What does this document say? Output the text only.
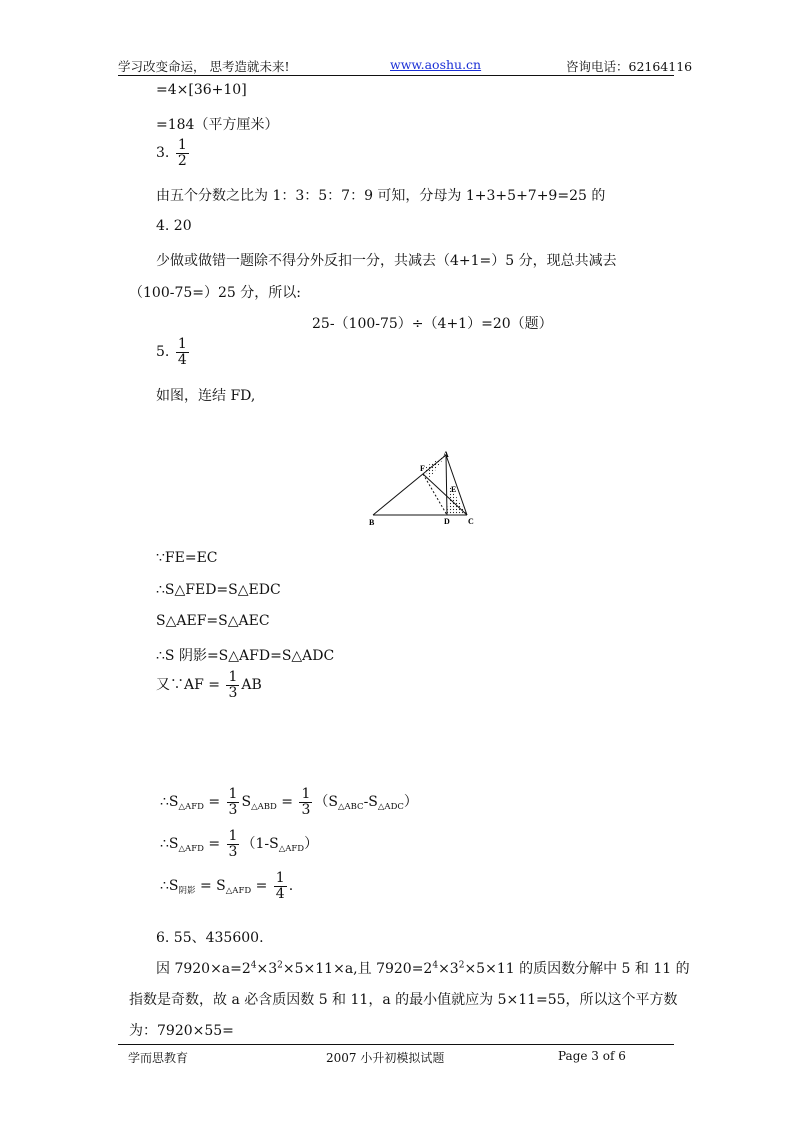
学习改变命运， 思考造就未来!	www.aoshu.cn	咨询电话：62164116
=4×[36+10]
=184（平方厘米）
3. $\frac{1}{2}$
由五个分数之比为 1：3：5：7：9 可知，分母为 1+3+5+7+9=25 的
4. 20
少做或做错一题除不得分外反扣一分，共减去（4+1=）5 分，现总共减去
（100-75=）25 分，所以:
25-（100-75）÷（4+1）=20（题）
5. $\frac{1}{4}$
如图，连结 FD,
A
B	C
D
E
F
∵FE=EC
∴S△FED=S△EDC
S△AEF=S△AEC
∴S 阴影=S△AFD=S△ADC
又∵AF = $\frac{1}{3}$ AB
$\therefore S_{\triangle AFD} = \frac{1}{3} S_{\triangle ABD} = \frac{1}{3} (S_{\triangle ABC}-S_{\triangle ADC})$
$\therefore S_{\triangle AFD} = \frac{1}{3} (1-S_{\triangle AFD})$
$\therefore S_{阴影} = S_{\triangle AFD} = \frac{1}{4}$ .
6. 55、435600.
因 $7920\times a=2^4\times 3^2\times 5\times 11\times a$,且 $7920=2^4\times 3^2\times 5\times 11$ 的质因数分解中 5 和 11 的
指数是奇数，故 a 必含质因数 5 和 11，a 的最小值就应为 5×11=55，所以这个平方数
为：7920×55=
学而思教育	2007 小升初模拟试题	Page 3 of 6
